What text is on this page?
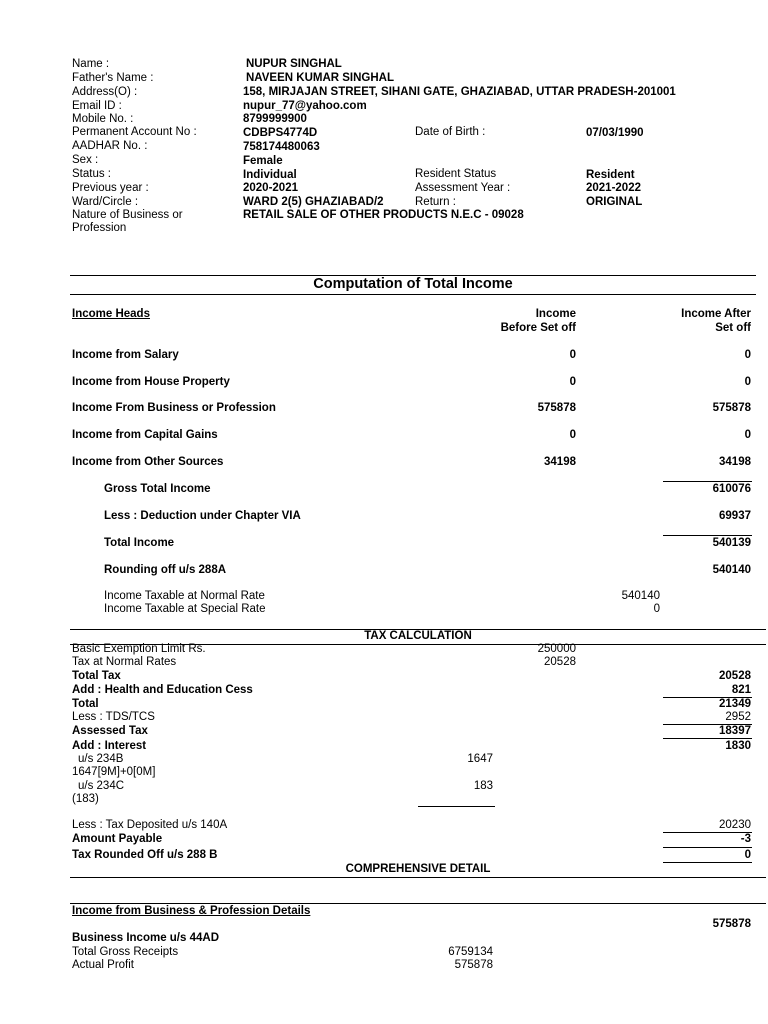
Name :	NUPUR SINGHAL
Father's Name :	NAVEEN KUMAR SINGHAL
Address(O) :	158, MIRJAJAN STREET, SIHANI GATE, GHAZIABAD, UTTAR PRADESH-201001
Email ID :	nupur_77@yahoo.com
Mobile No. :	8799999900
Permanent Account No :	CDBPS4774D	Date of Birth :	07/03/1990
AADHAR No. :	758174480063
Sex :	Female
Status :	Individual	Resident Status	Resident
Previous year :	2020-2021	Assessment Year :	2021-2022
Ward/Circle :	WARD 2(5) GHAZIABAD/2	Return :	ORIGINAL
Nature of Business or
Profession
RETAIL SALE OF OTHER PRODUCTS N.E.C - 09028
Computation of Total Income
Income Heads	Income
Before Set off
Income After
Set off
Income from Salary	0	0
Income from House Property	0	0
Income From Business or Profession	575878	575878
Income from Capital Gains	0	0
Income from Other Sources	34198	34198
Gross Total Income	610076
Less : Deduction under Chapter VIA	69937
Total Income	540139
Rounding off u/s 288A	540140
Income Taxable at Normal Rate	540140
Income Taxable at Special Rate	0
TAX CALCULATION
Basic Exemption Limit Rs.	250000
Tax at Normal Rates	20528
Total Tax	20528
Add : Health and Education Cess	821
Total	21349
Less : TDS/TCS	2952
Assessed Tax	18397
Add : Interest	1830
u/s 234B	1647
1647[9M]+0[0M]
u/s 234C	183
(183)
Less : Tax Deposited u/s 140A	20230
Amount Payable	-3
Tax Rounded Off u/s 288 B	0
COMPREHENSIVE DETAIL
Income from Business & Profession Details
575878
Business Income u/s 44AD
Total Gross Receipts	6759134
Actual Profit	575878
